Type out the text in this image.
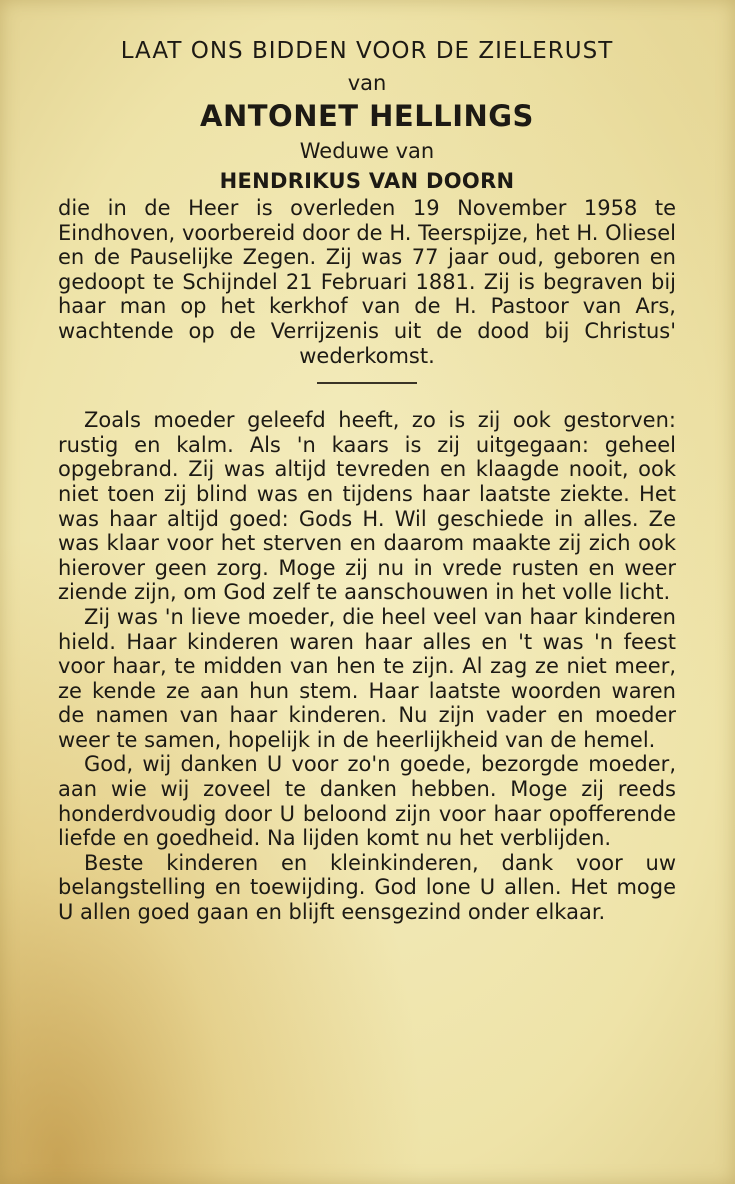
LAAT ONS BIDDEN VOOR DE ZIELERUST
van
ANTONET HELLINGS
Weduwe van
HENDRIKUS VAN DOORN

die in de Heer is overleden 19 November 1958 te Eindhoven, voorbereid door de H. Teerspijze, het H. Oliesel en de Pauselijke Zegen. Zij was 77 jaar oud, geboren en gedoopt te Schijndel 21 Februari 1881. Zij is begraven bij haar man op het kerkhof van de H. Pastoor van Ars, wachtende op de Verrijzenis uit de dood bij Christus' wederkomst.

Zoals moeder geleefd heeft, zo is zij ook gestorven: rustig en kalm. Als 'n kaars is zij uitgegaan: geheel opgebrand. Zij was altijd tevreden en klaagde nooit, ook niet toen zij blind was en tijdens haar laatste ziekte. Het was haar altijd goed: Gods H. Wil geschiede in alles. Ze was klaar voor het sterven en daarom maakte zij zich ook hierover geen zorg. Moge zij nu in vrede rusten en weer ziende zijn, om God zelf te aanschouwen in het volle licht.

Zij was 'n lieve moeder, die heel veel van haar kinderen hield. Haar kinderen waren haar alles en 't was 'n feest voor haar, te midden van hen te zijn. Al zag ze niet meer, ze kende ze aan hun stem. Haar laatste woorden waren de namen van haar kinderen. Nu zijn vader en moeder weer te samen, hopelijk in de heerlijkheid van de hemel.

God, wij danken U voor zo'n goede, bezorgde moeder, aan wie wij zoveel te danken hebben. Moge zij reeds honderdvoudig door U beloond zijn voor haar opofferende liefde en goedheid. Na lijden komt nu het verblijden.

Beste kinderen en kleinkinderen, dank voor uw belangstelling en toewijding. God lone U allen. Het moge U allen goed gaan en blijft eensgezind onder elkaar.
